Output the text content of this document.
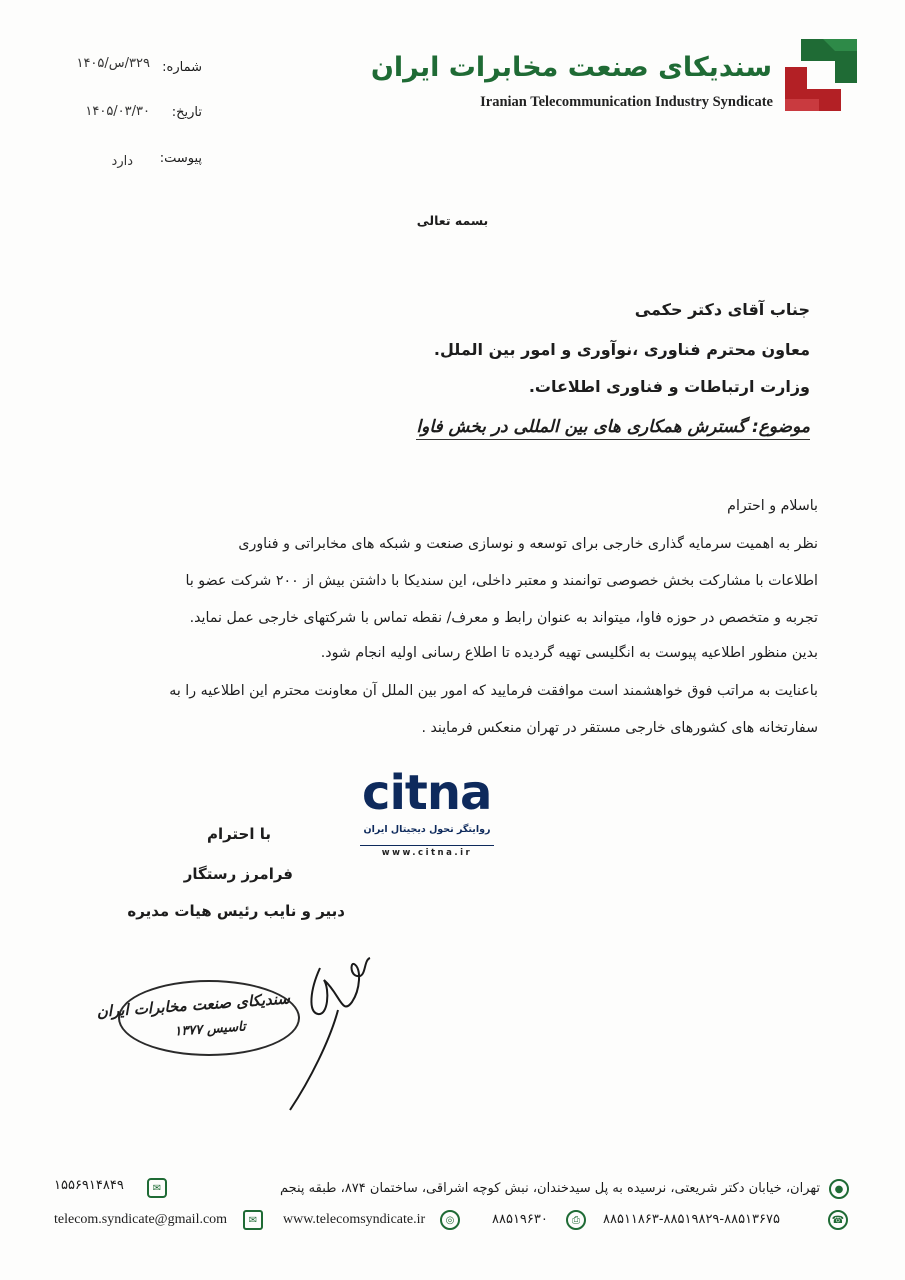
سندیکای صنعت مخابرات ایران
Iranian Telecommunication Industry Syndicate
شماره:
۳۲۹/س/۱۴۰۵
تاریخ:
۱۴۰۵/۰۳/۳۰
پیوست:
دارد
بسمه تعالی
جناب آقای دکتر حکمی
معاون محترم فناوری ،نوآوری و امور بین الملل.
وزارت ارتباطات و فناوری اطلاعات.
موضوع: گسترش همکاری های بین المللی در بخش فاوا
باسلام و احترام
نظر به اهمیت سرمایه گذاری خارجی برای توسعه و نوسازی صنعت و شبکه های مخابراتی و فناوری
اطلاعات با مشارکت بخش خصوصی توانمند و معتبر داخلی، این سندیکا با داشتن بیش از ۲۰۰ شرکت عضو با
تجربه و متخصص در حوزه فاوا، میتواند به عنوان رابط و معرف/ نقطه تماس با شرکتهای خارجی عمل نماید.
بدین منظور اطلاعیه پیوست به انگلیسی تهیه گردیده تا اطلاع رسانی اولیه انجام شود.
باعنایت به مراتب فوق خواهشمند است موافقت فرمایید که امور بین الملل آن معاونت محترم این اطلاعیه را به
سفارتخانه های کشورهای خارجی مستقر در تهران منعکس فرمایند .
citna
روایتگر تحول دیجیتال ایران
www.citna.ir
با احترام
فرامرز رستگار
دبیر و نایب رئیس هیات مدیره
سندیکای صنعت مخابرات ایران
تاسیس ۱۳۷۷
تهران، خیابان دکتر شریعتی، نرسیده به پل سیدخندان، نبش کوچه اشراقی، ساختمان ۸۷۴، طبقه پنجم	●
۱۵۵۶۹۱۴۸۴۹	✉
۸۸۵۱۱۸۶۳-۸۸۵۱۹۸۲۹-۸۸۵۱۳۶۷۵	☎
۸۸۵۱۹۶۳۰	⎙
www.telecomsyndicate.ir	◎
telecom.syndicate@gmail.com	✉
